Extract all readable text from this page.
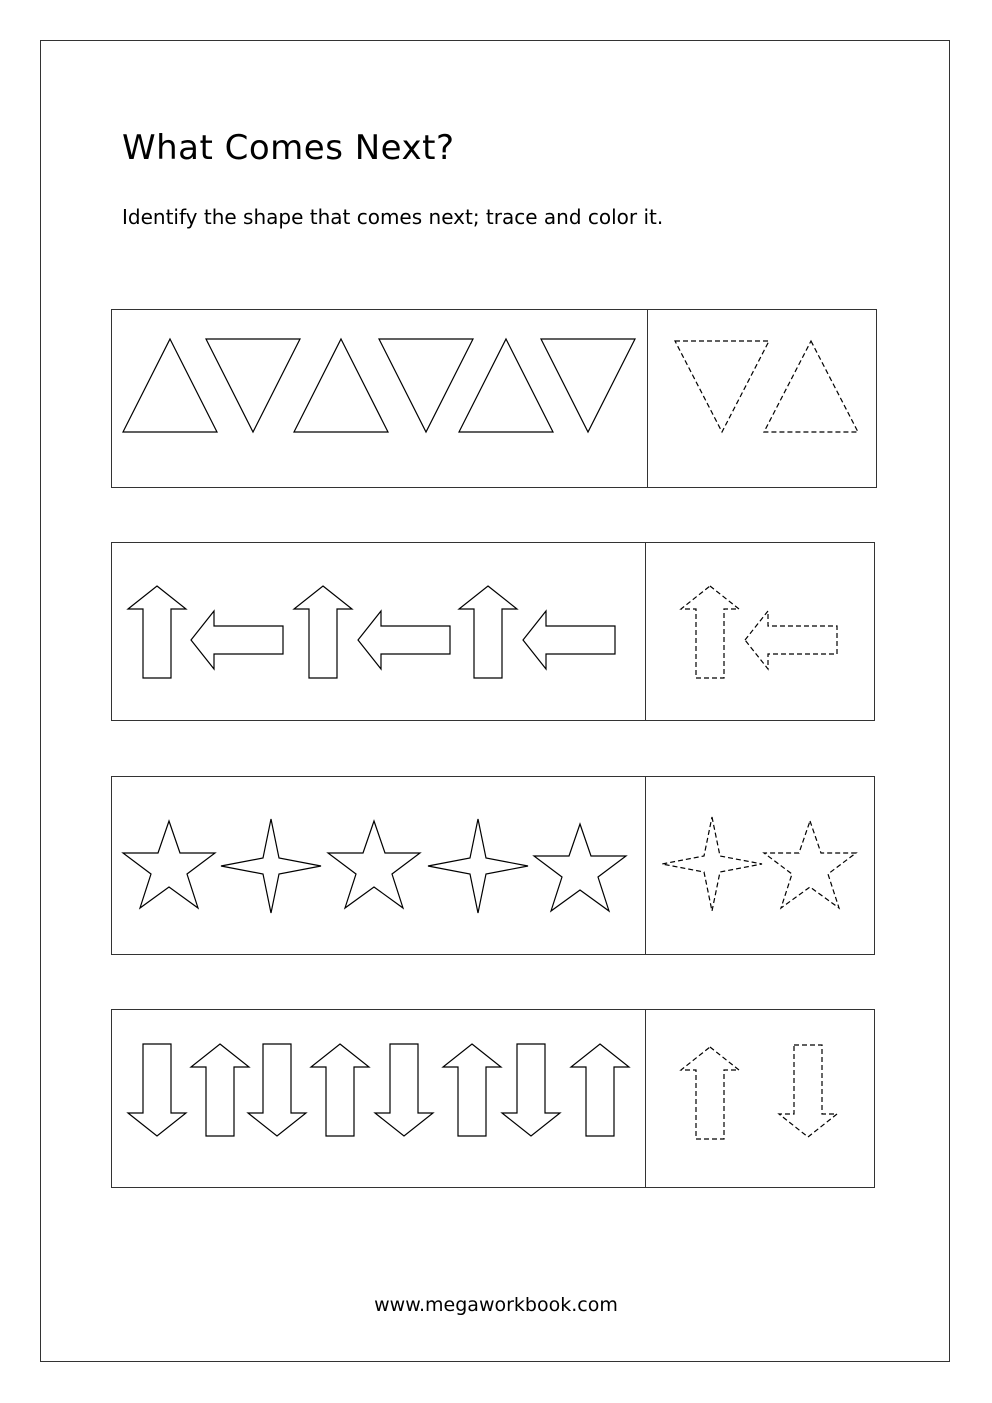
What Comes Next?
Identify the shape that comes next; trace and color it.
www.megaworkbook.com
